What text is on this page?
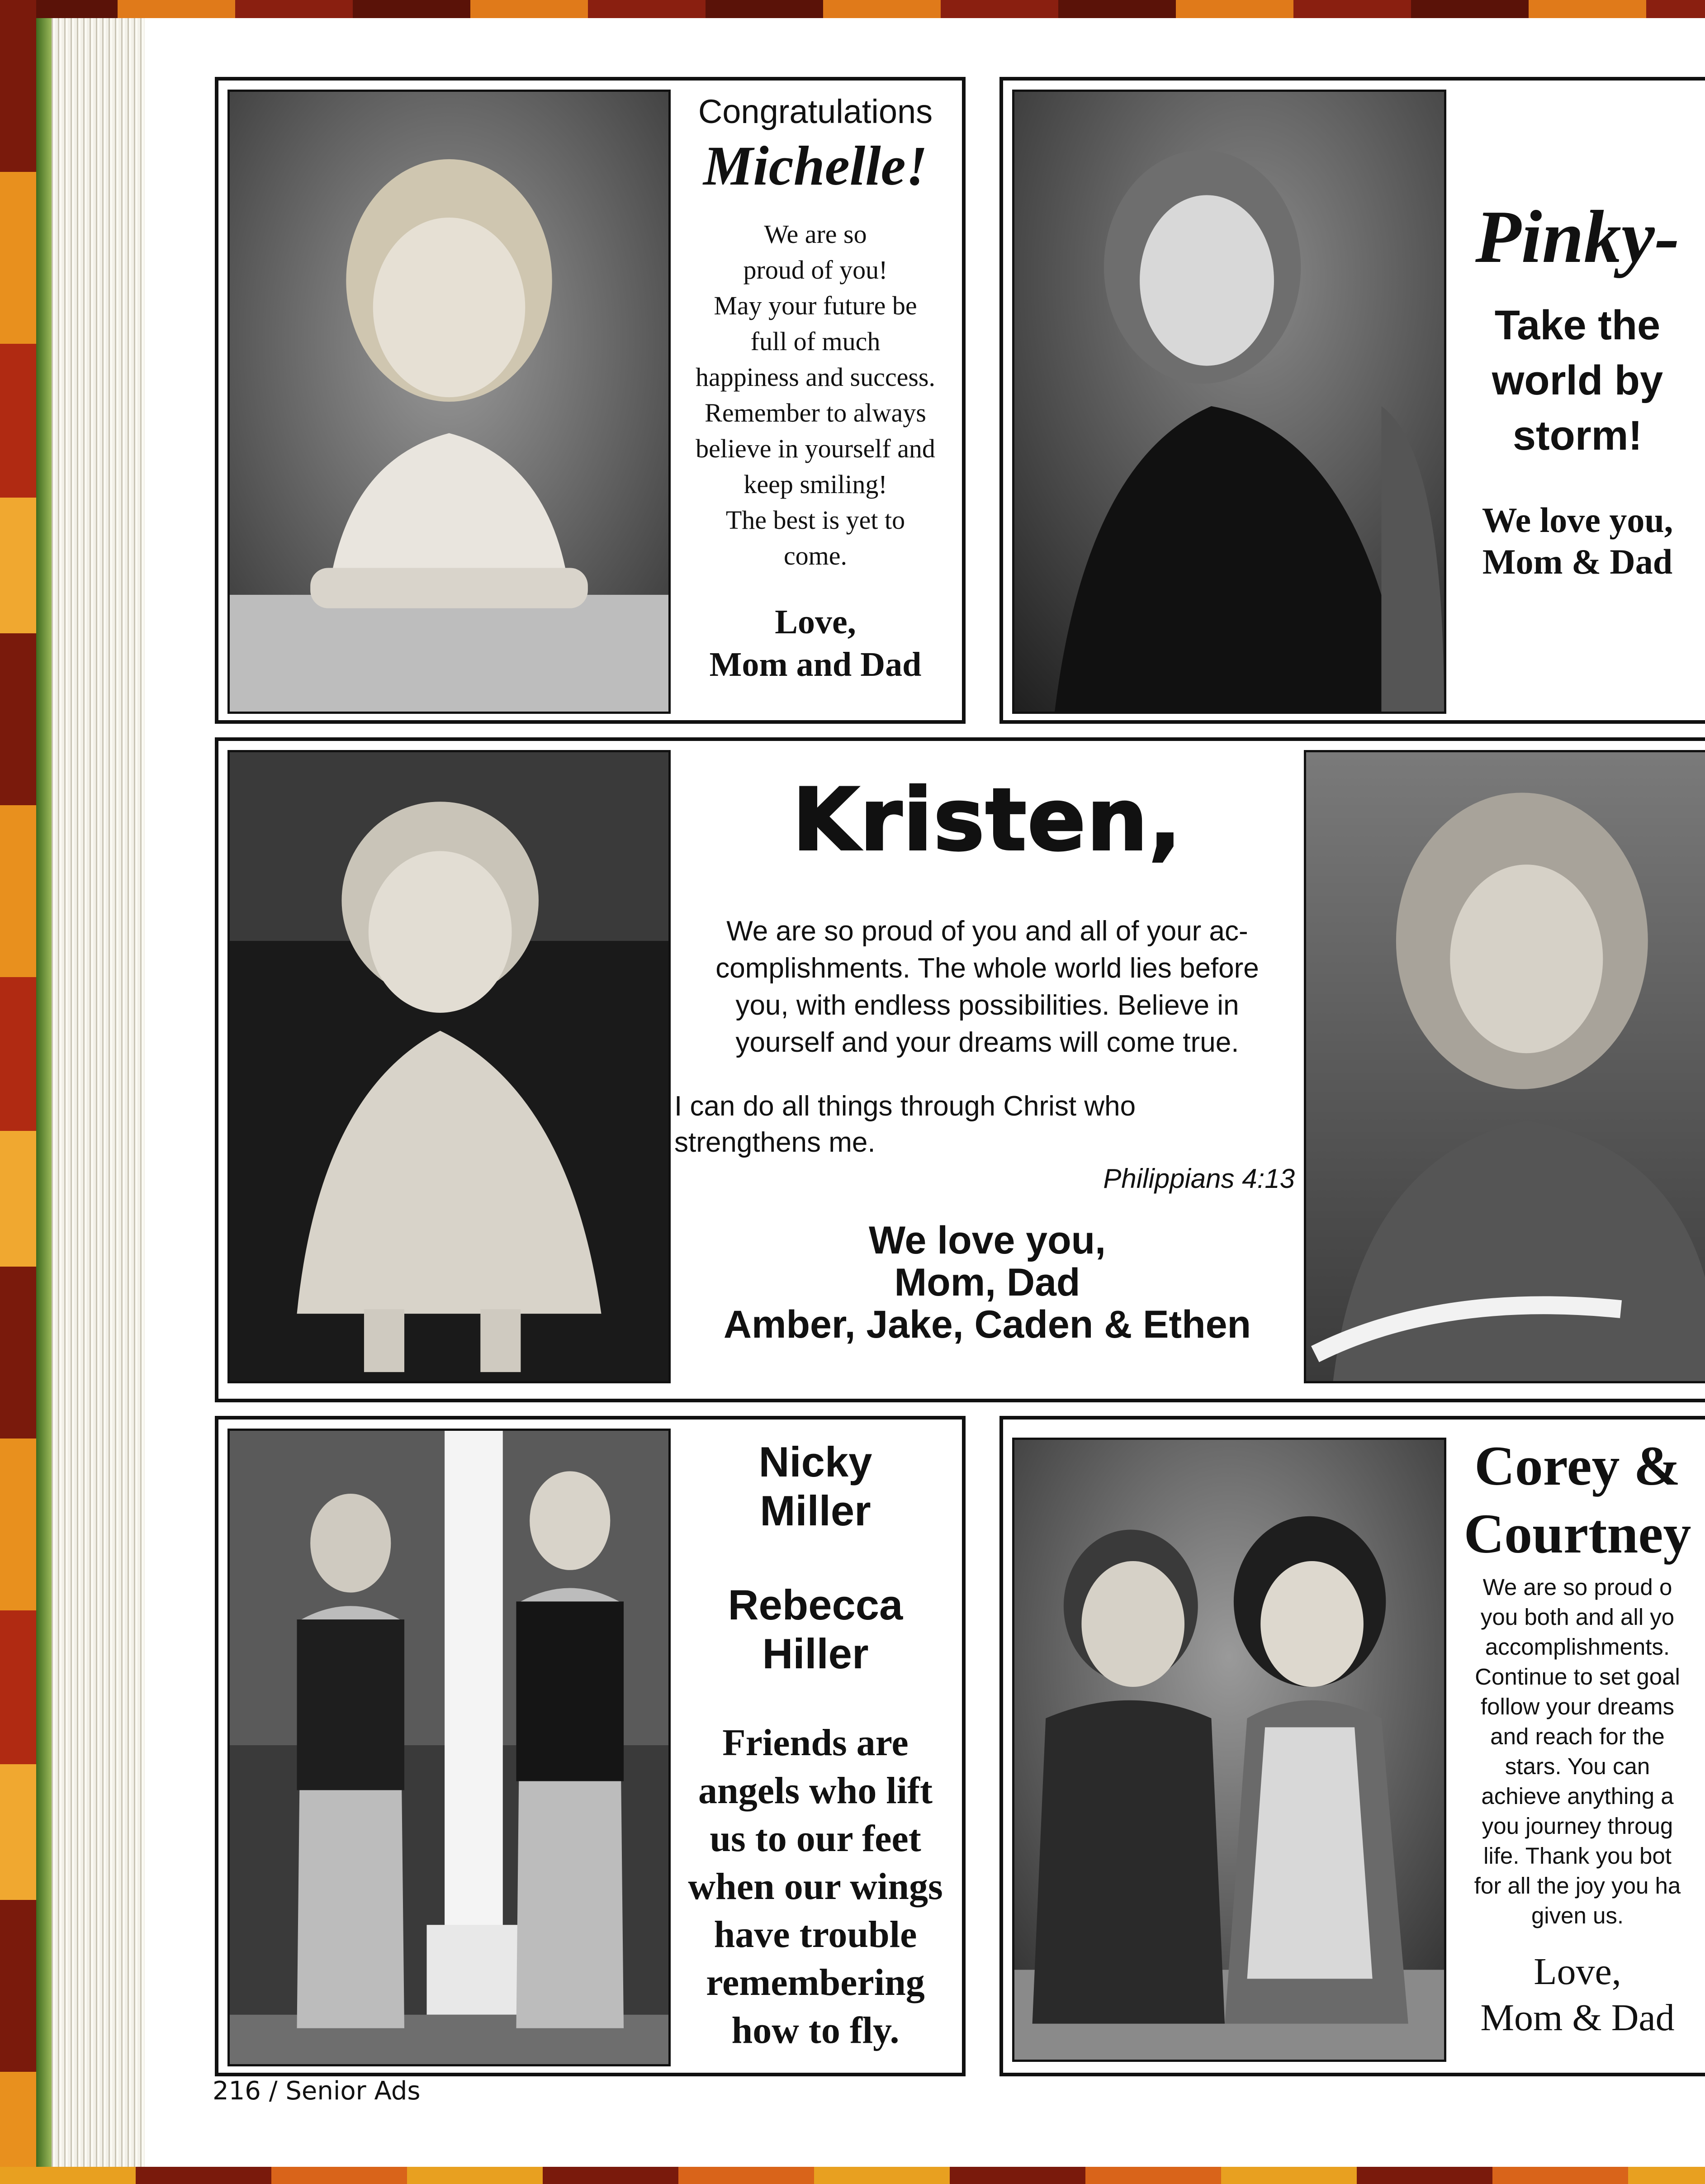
Congratulations
Michelle!
We are so
proud of you!
May your future be
full of much
happiness and success.
Remember to always
believe in yourself and
keep smiling!
The best is yet to
come.
Love,
Mom and Dad
Pinky-
Take the
world by
storm!
We love you,
Mom & Dad
Kristen,
We are so proud of you and all of your ac-
complishments. The whole world lies before
you, with endless possibilities. Believe in
yourself and your dreams will come true.
I can do all things through Christ who
strengthens me.
Philippians 4:13
We love you,
Mom, Dad
Amber, Jake, Caden & Ethen
Nicky
Miller
Rebecca
Hiller
Friends are
angels who lift
us to our feet
when our wings
have trouble
remembering
how to fly.
Corey &
Courtney
We are so proud o
you both and all yo
accomplishments.
Continue to set goal
follow your dreams
and reach for the
stars. You can
achieve anything a
you journey throug
life. Thank you bot
for all the joy you ha
given us.
Love,
Mom & Dad
216 / Senior Ads
